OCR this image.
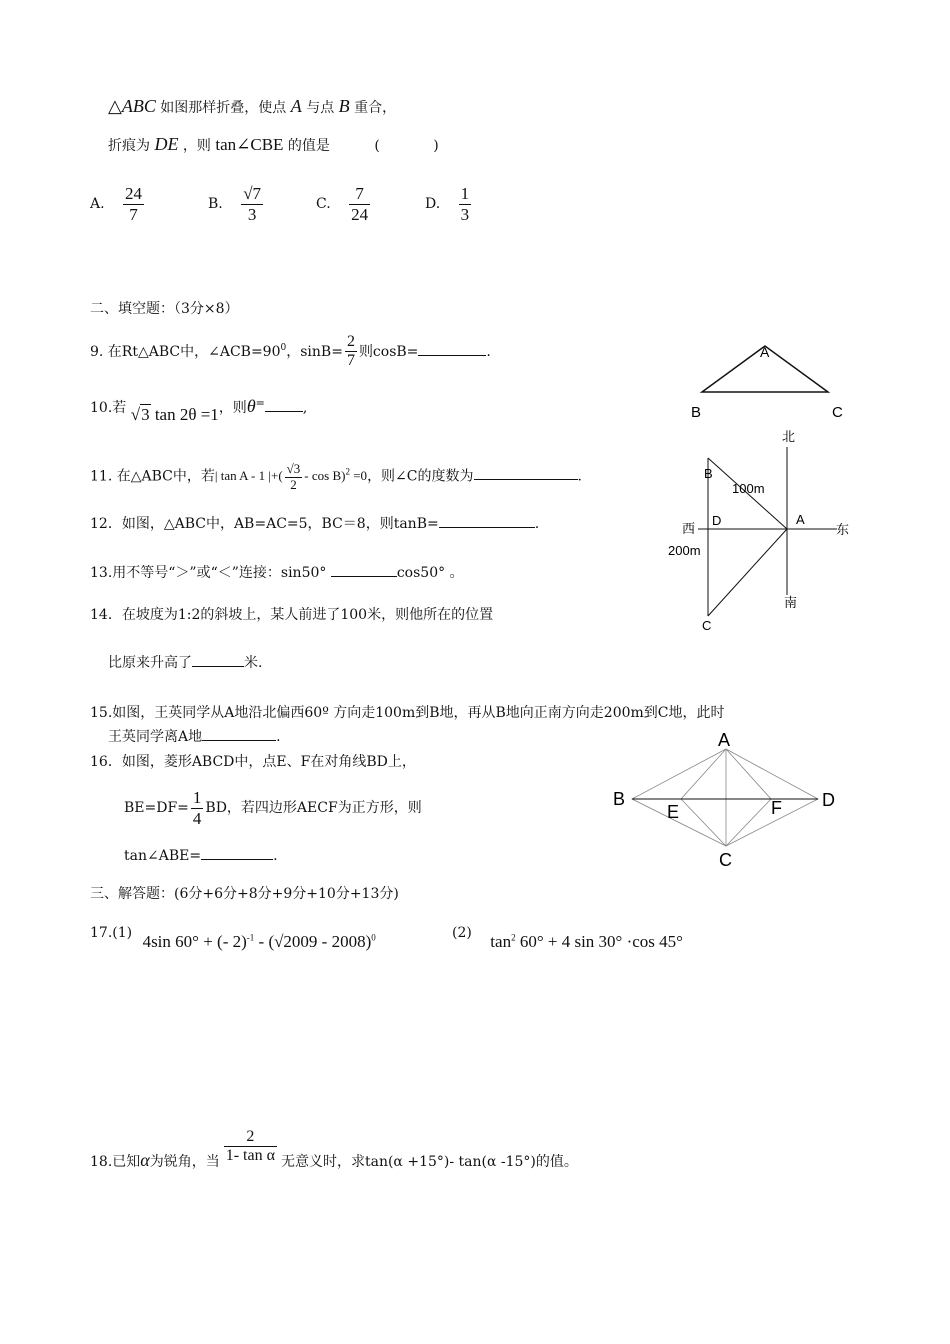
△ABC 如图那样折叠，使点 A 与点 B 重合，
折痕为 DE ，则 tan∠CBE 的值是	(            )
A. $\frac{24}{7}$	B. $\frac{√7}{3}$	C. $\frac{7}{24}$	D. $\frac{1}{3}$
二、填空题：（3分×8）
9. 在Rt△ABC中，$\angle ACB=90^0$，$\sin B= \frac{2}{7}$ 则cosB=	.
10.若 √3 tan 2θ =1，则θ=	,
11. 在△ABC中，若| tan A - 1 |+( $\frac{√3}{2} - \cos B)^2 =0$，则∠C的度数为	.
12．如图，△ABC中，AB=AC=5，BC＝8，则tanB=	.
13.用不等号“＞”或“＜”连接：sin50°	cos50° 。
14．在坡度为1:2的斜坡上，某人前进了100米，则他所在的位置
比原来升高了	米.
15.如图，王英同学从A地沿北偏西60º 方向走100m到B地，再从B地向正南方向走200m到C地，此时
王英同学离A地	.
16．如图，菱形ABCD中，点E、F在对角线BD上，
$BE=DF= \frac{1}{4}$ BD，若四边形AECF为正方形，则
tan∠ABE=	.
三、解答题：(6分+6分+8分+9分+10分+13分)
17.(1) 4sin 60° + (- 2)$^{-1}$ - (√2009 - 2008)$^0$	(2) $\tan^2 60^\circ + 4$ sin 30° ·cos 45°
18.已知α为锐角，当 $\frac{2}{\text{1- tan α}}$ 无意义时，求tan(α +15°)- tan(α -15°)的值。
A
B	C
北
南
西	东
B
A
D
C
100m
200m
A
B	D
E	F
C
